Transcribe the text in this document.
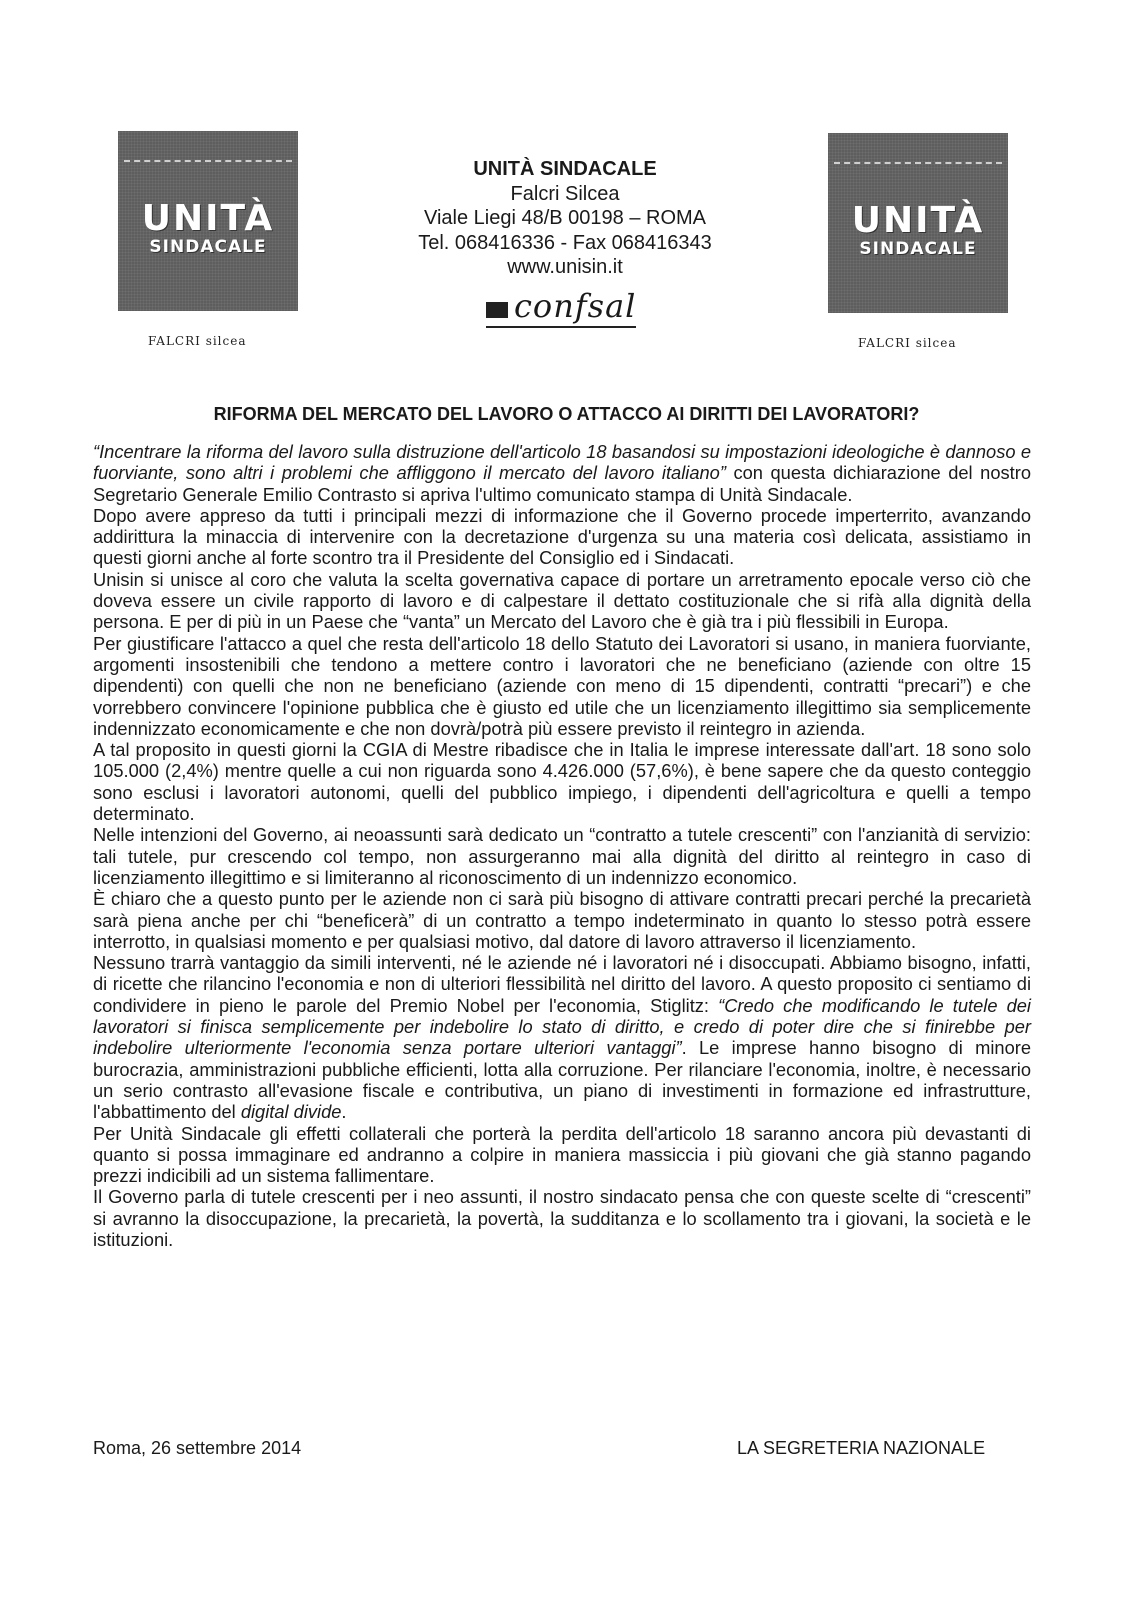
UNITÀ
SINDACALE
FALCRI silcea
UNITÀ
SINDACALE
FALCRI silcea
UNITÀ SINDACALE
Falcri Silcea
Viale Liegi 48/B 00198 – ROMA
Tel. 068416336 - Fax 068416343
www.unisin.it
confsal
RIFORMA DEL MERCATO DEL LAVORO O ATTACCO AI DIRITTI DEI LAVORATORI?

“Incentrare la riforma del lavoro sulla distruzione dell'articolo 18 basandosi su impostazioni ideologiche è dannoso e fuorviante, sono altri i problemi che affliggono il mercato del lavoro italiano” con questa dichiarazione del nostro Segretario Generale Emilio Contrasto si apriva l'ultimo comunicato stampa di Unità Sindacale.

Dopo avere appreso da tutti i principali mezzi di informazione che il Governo procede imperterrito, avanzando addirittura la minaccia di intervenire con la decretazione d'urgenza su una materia così delicata, assistiamo in questi giorni anche al forte scontro tra il Presidente del Consiglio ed i Sindacati.

Unisin si unisce al coro che valuta la scelta governativa capace di portare un arretramento epocale verso ciò che doveva essere un civile rapporto di lavoro e di calpestare il dettato costituzionale che si rifà alla dignità della persona. E per di più in un Paese che “vanta” un Mercato del Lavoro che è già tra i più flessibili in Europa.

Per giustificare l'attacco a quel che resta dell'articolo 18 dello Statuto dei Lavoratori si usano, in maniera fuorviante, argomenti insostenibili che tendono a mettere contro i lavoratori che ne beneficiano (aziende con oltre 15 dipendenti) con quelli che non ne beneficiano (aziende con meno di 15 dipendenti, contratti “precari”) e che vorrebbero convincere l'opinione pubblica che è giusto ed utile che un licenziamento illegittimo sia semplicemente indennizzato economicamente e che non dovrà/potrà più essere previsto il reintegro in azienda.

A tal proposito in questi giorni la CGIA di Mestre ribadisce che in Italia le imprese interessate dall'art. 18 sono solo 105.000 (2,4%) mentre quelle a cui non riguarda sono 4.426.000 (57,6%), è bene sapere che da questo conteggio sono esclusi i lavoratori autonomi, quelli del pubblico impiego, i dipendenti dell'agricoltura e quelli a tempo determinato.

Nelle intenzioni del Governo, ai neoassunti sarà dedicato un “contratto a tutele crescenti” con l'anzianità di servizio: tali tutele, pur crescendo col tempo, non assurgeranno mai alla dignità del diritto al reintegro in caso di licenziamento illegittimo e si limiteranno al riconoscimento di un indennizzo economico.

È chiaro che a questo punto per le aziende non ci sarà più bisogno di attivare contratti precari perché la precarietà sarà piena anche per chi “beneficerà” di un contratto a tempo indeterminato in quanto lo stesso potrà essere interrotto, in qualsiasi momento e per qualsiasi motivo, dal datore di lavoro attraverso il licenziamento.

Nessuno trarrà vantaggio da simili interventi, né le aziende né i lavoratori né i disoccupati. Abbiamo bisogno, infatti, di ricette che rilancino l'economia e non di ulteriori flessibilità nel diritto del lavoro. A questo proposito ci sentiamo di condividere in pieno le parole del Premio Nobel per l'economia, Stiglitz: “Credo che modificando le tutele dei lavoratori si finisca semplicemente per indebolire lo stato di diritto, e credo di poter dire che si finirebbe per indebolire ulteriormente l'economia senza portare ulteriori vantaggi”. Le imprese hanno bisogno di minore burocrazia, amministrazioni pubbliche efficienti, lotta alla corruzione. Per rilanciare l'economia, inoltre, è necessario un serio contrasto all'evasione fiscale e contributiva, un piano di investimenti in formazione ed infrastrutture, l'abbattimento del digital divide.

Per Unità Sindacale gli effetti collaterali che porterà la perdita dell'articolo 18 saranno ancora più devastanti di quanto si possa immaginare ed andranno a colpire in maniera massiccia i più giovani che già stanno pagando prezzi indicibili ad un sistema fallimentare.

Il Governo parla di tutele crescenti per i neo assunti, il nostro sindacato pensa che con queste scelte di “crescenti” si avranno la disoccupazione, la precarietà, la povertà, la sudditanza e lo scollamento tra i giovani, la società e le istituzioni.

Roma, 26 settembre 2014	LA SEGRETERIA NAZIONALE
